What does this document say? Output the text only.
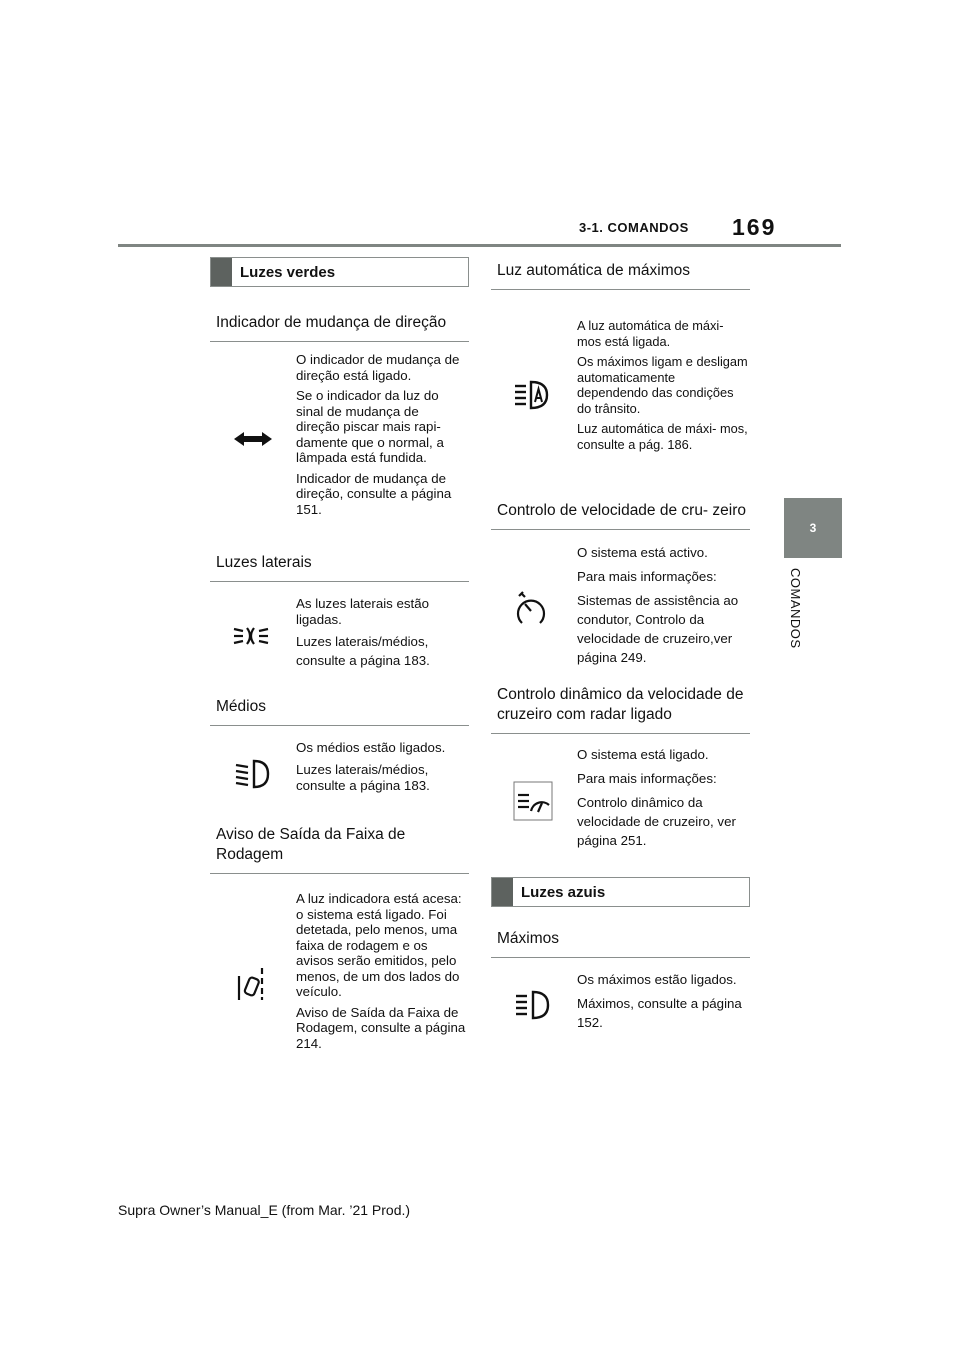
3-1. COMANDOS 169
3
COMANDOS
Luzes verdes
Indicador de mudança de direção

O indicador de mudança de direção está ligado.

Se o indicador da luz do sinal de mudança de direção piscar mais rapi- damente que o normal, a lâmpada está fundida.

Indicador de mudança de direção, consulte a página 151.

Luzes laterais

As luzes laterais estão ligadas.

Luzes laterais/médios, consulte a página 183.

Médios

Os médios estão ligados.

Luzes laterais/médios, consulte a página 183.

Aviso de Saída da Faixa de Rodagem

A luz indicadora está acesa: o sistema está ligado. Foi detetada, pelo menos, uma faixa de rodagem e os avisos serão emitidos, pelo menos, de um dos lados do veículo.

Aviso de Saída da Faixa de Rodagem, consulte a página 214.

Luz automática de máximos

A luz automática de máxi- mos está ligada.

Os máximos ligam e desligam automaticamente dependendo das condições do trânsito.

Luz automática de máxi- mos, consulte a pág. 186.

Controlo de velocidade de cru- zeiro

O sistema está activo.

Para mais informações:

Sistemas de assistência ao condutor, Controlo da velocidade de cruzeiro,ver página 249.

Controlo dinâmico da velocidade de cruzeiro com radar ligado

O sistema está ligado.

Para mais informações:

Controlo dinâmico da velocidade de cruzeiro, ver página 251.

Luzes azuis
Máximos

Os máximos estão ligados.

Máximos, consulte a página 152.

Supra Owner’s Manual_E (from Mar. ’21 Prod.)
